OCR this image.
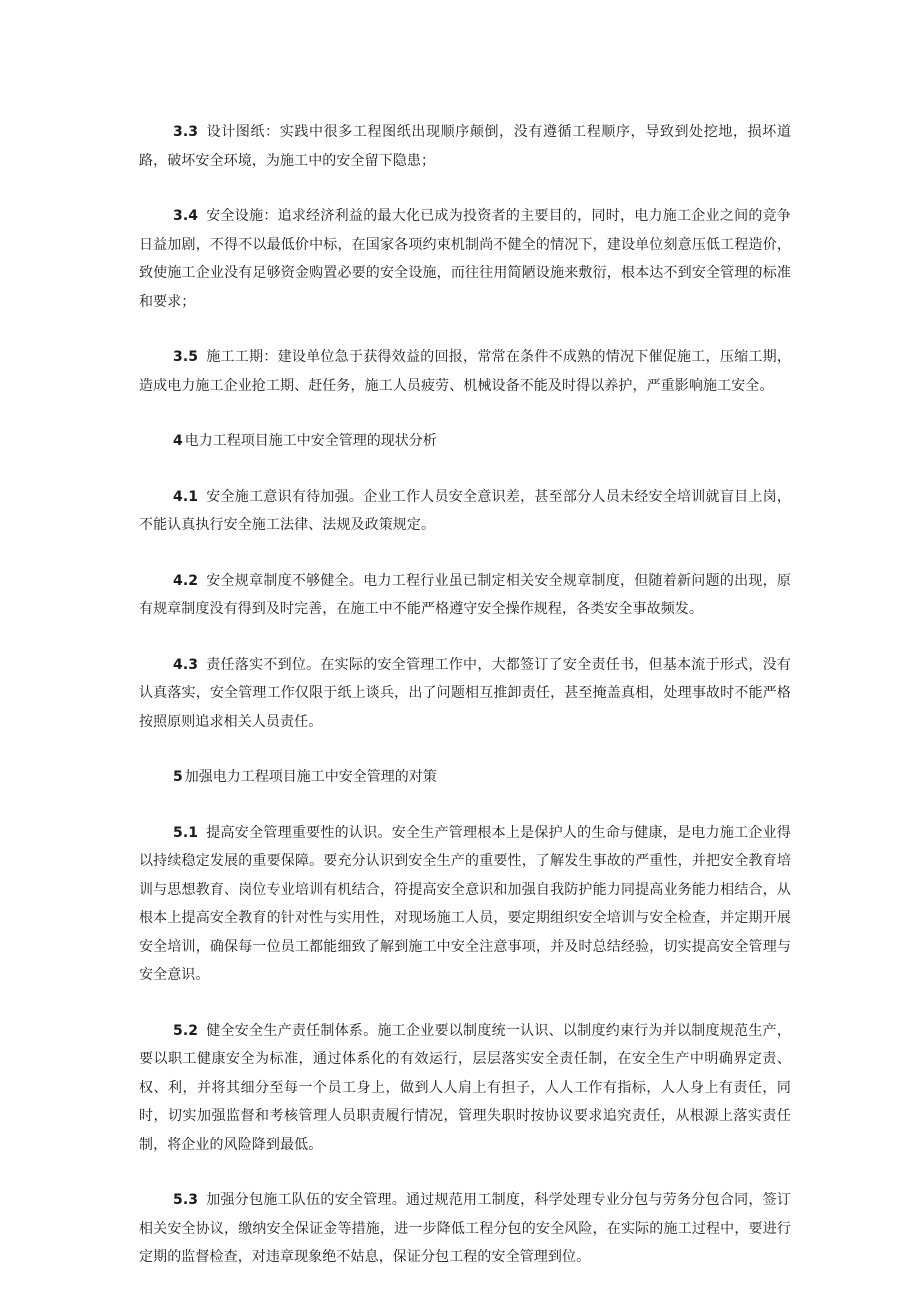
3.3 设计图纸：实践中很多工程图纸出现顺序颠倒，没有遵循工程顺序，导致到处挖地，损坏道路，破坏安全环境，为施工中的安全留下隐患；

3.4 安全设施：追求经济利益的最大化已成为投资者的主要目的，同时，电力施工企业之间的竞争日益加剧，不得不以最低价中标，在国家各项约束机制尚不健全的情况下，建设单位刻意压低工程造价，致使施工企业没有足够资金购置必要的安全设施，而往往用简陋设施来敷衍，根本达不到安全管理的标准和要求；

3.5 施工工期：建设单位急于获得效益的回报，常常在条件不成熟的情况下催促施工，压缩工期，造成电力施工企业抢工期、赶任务，施工人员疲劳、机械设备不能及时得以养护，严重影响施工安全。

4 电力工程项目施工中安全管理的现状分析

4.1 安全施工意识有待加强。企业工作人员安全意识差，甚至部分人员未经安全培训就盲目上岗，不能认真执行安全施工法律、法规及政策规定。

4.2 安全规章制度不够健全。电力工程行业虽已制定相关安全规章制度，但随着新问题的出现，原有规章制度没有得到及时完善，在施工中不能严格遵守安全操作规程，各类安全事故频发。

4.3 责任落实不到位。在实际的安全管理工作中，大都签订了安全责任书，但基本流于形式，没有认真落实，安全管理工作仅限于纸上谈兵，出了问题相互推卸责任，甚至掩盖真相，处理事故时不能严格按照原则追求相关人员责任。

5 加强电力工程项目施工中安全管理的对策

5.1 提高安全管理重要性的认识。安全生产管理根本上是保护人的生命与健康，是电力施工企业得以持续稳定发展的重要保障。要充分认识到安全生产的重要性，了解发生事故的严重性，并把安全教育培训与思想教育、岗位专业培训有机结合，符提高安全意识和加强自我防护能力同提高业务能力相结合，从根本上提高安全教育的针对性与实用性，对现场施工人员，要定期组织安全培训与安全检查，并定期开展安全培训，确保每一位员工都能细致了解到施工中安全注意事项，并及时总结经验，切实提高安全管理与安全意识。

5.2 健全安全生产责任制体系。施工企业要以制度统一认识、以制度约束行为并以制度规范生产，要以职工健康安全为标准，通过体系化的有效运行，层层落实安全责任制，在安全生产中明确界定责、权、利，并将其细分至每一个员工身上，做到人人肩上有担子，人人工作有指标，人人身上有责任，同时，切实加强监督和考核管理人员职责履行情况，管理失职时按协议要求追究责任，从根源上落实责任制，将企业的风险降到最低。

5.3 加强分包施工队伍的安全管理。通过规范用工制度，科学处理专业分包与劳务分包合同，签订相关安全协议，缴纳安全保证金等措施，进一步降低工程分包的安全风险，在实际的施工过程中，要进行定期的监督检查，对违章现象绝不姑息，保证分包工程的安全管理到位。
